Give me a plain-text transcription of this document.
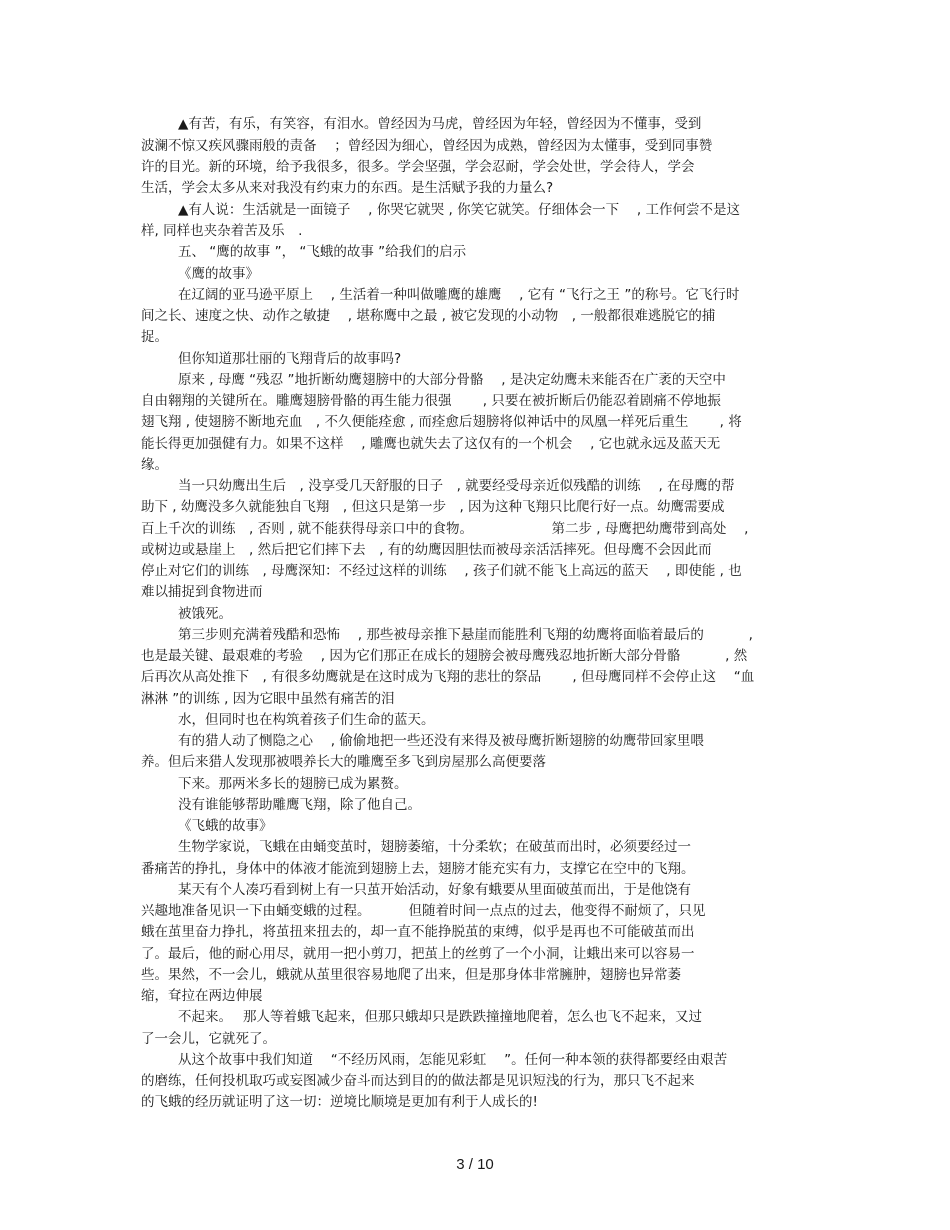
▲有苦，有乐，有笑容，有泪水。曾经因为马虎，曾经因为年轻，曾经因为不懂事，受到
波澜不惊又疾风骤雨般的责备　 ；曾经因为细心，曾经因为成熟，曾经因为太懂事，受到同事赞
许的目光。新的环境，给予我很多，很多。学会坚强，学会忍耐，学会处世，学会待人，学会
生活，学会太多从来对我没有约束力的东西。是生活赋予我的力量么?
▲有人说：生活就是一面镜子　 , 你哭它就哭 , 你笑它就笑。仔细体会一下　 , 工作何尝不是这
样, 同样也夹杂着苦及乐　.
五、 “鹰的故事 ”， “飞蛾的故事 ”给我们的启示
《鹰的故事》
在辽阔的亚马逊平原上　 , 生活着一种叫做雕鹰的雄鹰　 , 它有 “飞行之王 ”的称号。它飞行时
间之长、速度之快、动作之敏捷　 , 堪称鹰中之最 , 被它发现的小动物　, 一般都很难逃脱它的捕
捉。
但你知道那壮丽的飞翔背后的故事吗?
原来 , 母鹰 “残忍 ”地折断幼鹰翅膀中的大部分骨骼　 , 是决定幼鹰未来能否在广袤的天空中
自由翱翔的关键所在。雕鹰翅膀骨骼的再生能力很强　　 , 只要在被折断后仍能忍着剧痛不停地振
翅飞翔 , 使翅膀不断地充血　, 不久便能痊愈 , 而痊愈后翅膀将似神话中的凤凰一样死后重生　　 , 将
能长得更加强健有力。如果不这样　 , 雕鹰也就失去了这仅有的一个机会　 , 它也就永远及蓝天无
缘。
当一只幼鹰出生后　, 没享受几天舒服的日子　, 就要经受母亲近似残酷的训练　 , 在母鹰的帮
助下 , 幼鹰没多久就能独自飞翔　, 但这只是第一步　, 因为这种飞翔只比爬行好一点。幼鹰需要成
百上千次的训练　, 否则 , 就不能获得母亲口中的食物。　　　　　　 第二步 , 母鹰把幼鹰带到高处　 ,
或树边或悬崖上　, 然后把它们摔下去　, 有的幼鹰因胆怯而被母亲活活摔死。但母鹰不会因此而
停止对它们的训练　, 母鹰深知：不经过这样的训练　 , 孩子们就不能飞上高远的蓝天　 , 即使能 , 也
难以捕捉到食物进而
被饿死。
第三步则充满着残酷和恐怖　 , 那些被母亲推下悬崖而能胜利飞翔的幼鹰将面临着最后的　　　 ,
也是最关键、最艰难的考验　 , 因为它们那正在成长的翅膀会被母鹰残忍地折断大部分骨骼　　　 , 然
后再次从高处推下　, 有很多幼鹰就是在这时成为飞翔的悲壮的祭品　　 , 但母鹰同样不会停止这　 “血
淋淋 ”的训练 , 因为它眼中虽然有痛苦的泪
水，但同时也在构筑着孩子们生命的蓝天。
有的猎人动了恻隐之心　 , 偷偷地把一些还没有来得及被母鹰折断翅膀的幼鹰带回家里喂
养。但后来猎人发现那被喂养长大的雕鹰至多飞到房屋那么高便要落
下来。那两米多长的翅膀已成为累赘。
没有谁能够帮助雕鹰飞翔，除了他自己。
《飞蛾的故事》
生物学家说，飞蛾在由蛹变茧时，翅膀萎缩，十分柔软；在破茧而出时，必须要经过一
番痛苦的挣扎，身体中的体液才能流到翅膀上去，翅膀才能充实有力，支撑它在空中的飞翔。
某天有个人凑巧看到树上有一只茧开始活动，好象有蛾要从里面破茧而出，于是他饶有
兴趣地准备见识一下由蛹变蛾的过程。　　　 但随着时间一点点的过去，他变得不耐烦了，只见
蛾在茧里奋力挣扎，将茧扭来扭去的，却一直不能挣脱茧的束缚，似乎是再也不可能破茧而出
了。最后，他的耐心用尽，就用一把小剪刀，把茧上的丝剪了一个小洞，让蛾出来可以容易一
些。果然，不一会儿，蛾就从茧里很容易地爬了出来，但是那身体非常臃肿，翅膀也异常萎
缩，耷拉在两边伸展
不起来。　 那人等着蛾飞起来，但那只蛾却只是跌跌撞撞地爬着，怎么也飞不起来，又过
了一会儿，它就死了。
从这个故事中我们知道　 “不经历风雨，怎能见彩虹　 ”。任何一种本领的获得都要经由艰苦
的磨练，任何投机取巧或妄图减少奋斗而达到目的的做法都是见识短浅的行为，那只飞不起来
的飞蛾的经历就证明了这一切：逆境比顺境是更加有利于人成长的!
3 / 10
